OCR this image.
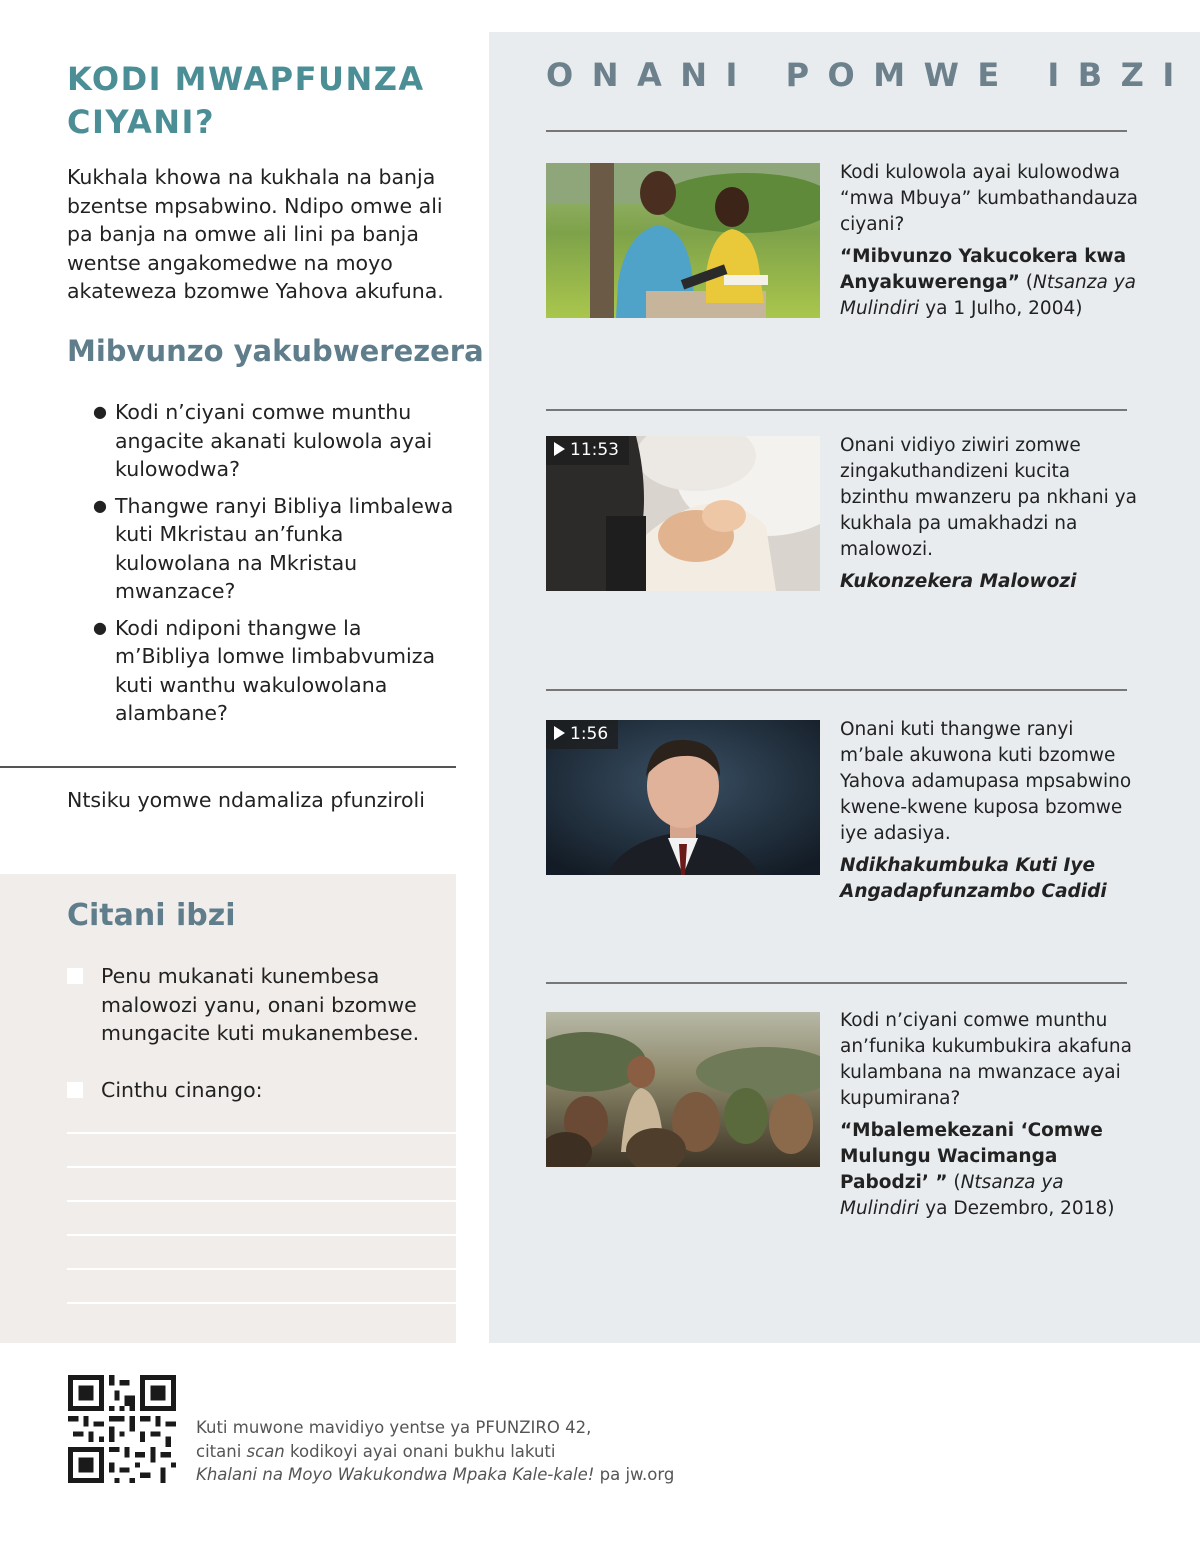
KODI MWAPFUNZA CIYANI?

Kukhala khowa na kukhala na banja bzentse mpsabwino. Ndipo omwe ali pa banja na omwe ali lini pa banja wentse angakomedwe na moyo akateweza bzomwe Yahova akufuna.

Mibvunzo yakubwerezera
● Kodi n’ciyani comwe munthu angacite akanati kulowola ayai kulowodwa?
● Thangwe ranyi Bibliya limbalewa kuti Mkristau an’funka kulowolana na Mkristau mwanzace?
● Kodi ndiponi thangwe la m’Bibliya lomwe limbabvumiza kuti wanthu wakulowolana alambane?
Ntsiku yomwe ndamaliza pfunziroli
Citani ibzi
Penu mukanati kunembesa malowozi yanu, onani bzomwe mungacite kuti mukanembese.
Cinthu cinango:
ONANI POMWE IBZI
Kodi kulowola ayai kulowodwa “mwa Mbuya” kumbathandauza ciyani?
“Mibvunzo Yakucokera kwa Anyakuwerenga” (Ntsanza ya Mulindiri ya 1 Julho, 2004)
11:53	Onani vidiyo ziwiri zomwe zingakuthandizeni kucita bzinthu mwanzeru pa nkhani ya kukhala pa umakhadzi na malowozi.
Kukonzekera Malowozi
1:56	Onani kuti thangwe ranyi m’bale akuwona kuti bzomwe Yahova adamupasa mpsabwino kwene-kwene kuposa bzomwe iye adasiya.
Ndikhakumbuka Kuti Iye Angadapfunzambo Cadidi
Kodi n’ciyani comwe munthu an’funika kukumbukira akafuna kulambana na mwanzace ayai kupumirana?
“Mbalemekezani ‘Comwe Mulungu Wacimanga Pabodzi’ ” (Ntsanza ya Mulindiri ya Dezembro, 2018)
Kuti muwone mavidiyo yentse ya PFUNZIRO 42,
citani scan kodikoyi ayai onani bukhu lakuti
Khalani na Moyo Wakukondwa Mpaka Kale-kale! pa jw.org
